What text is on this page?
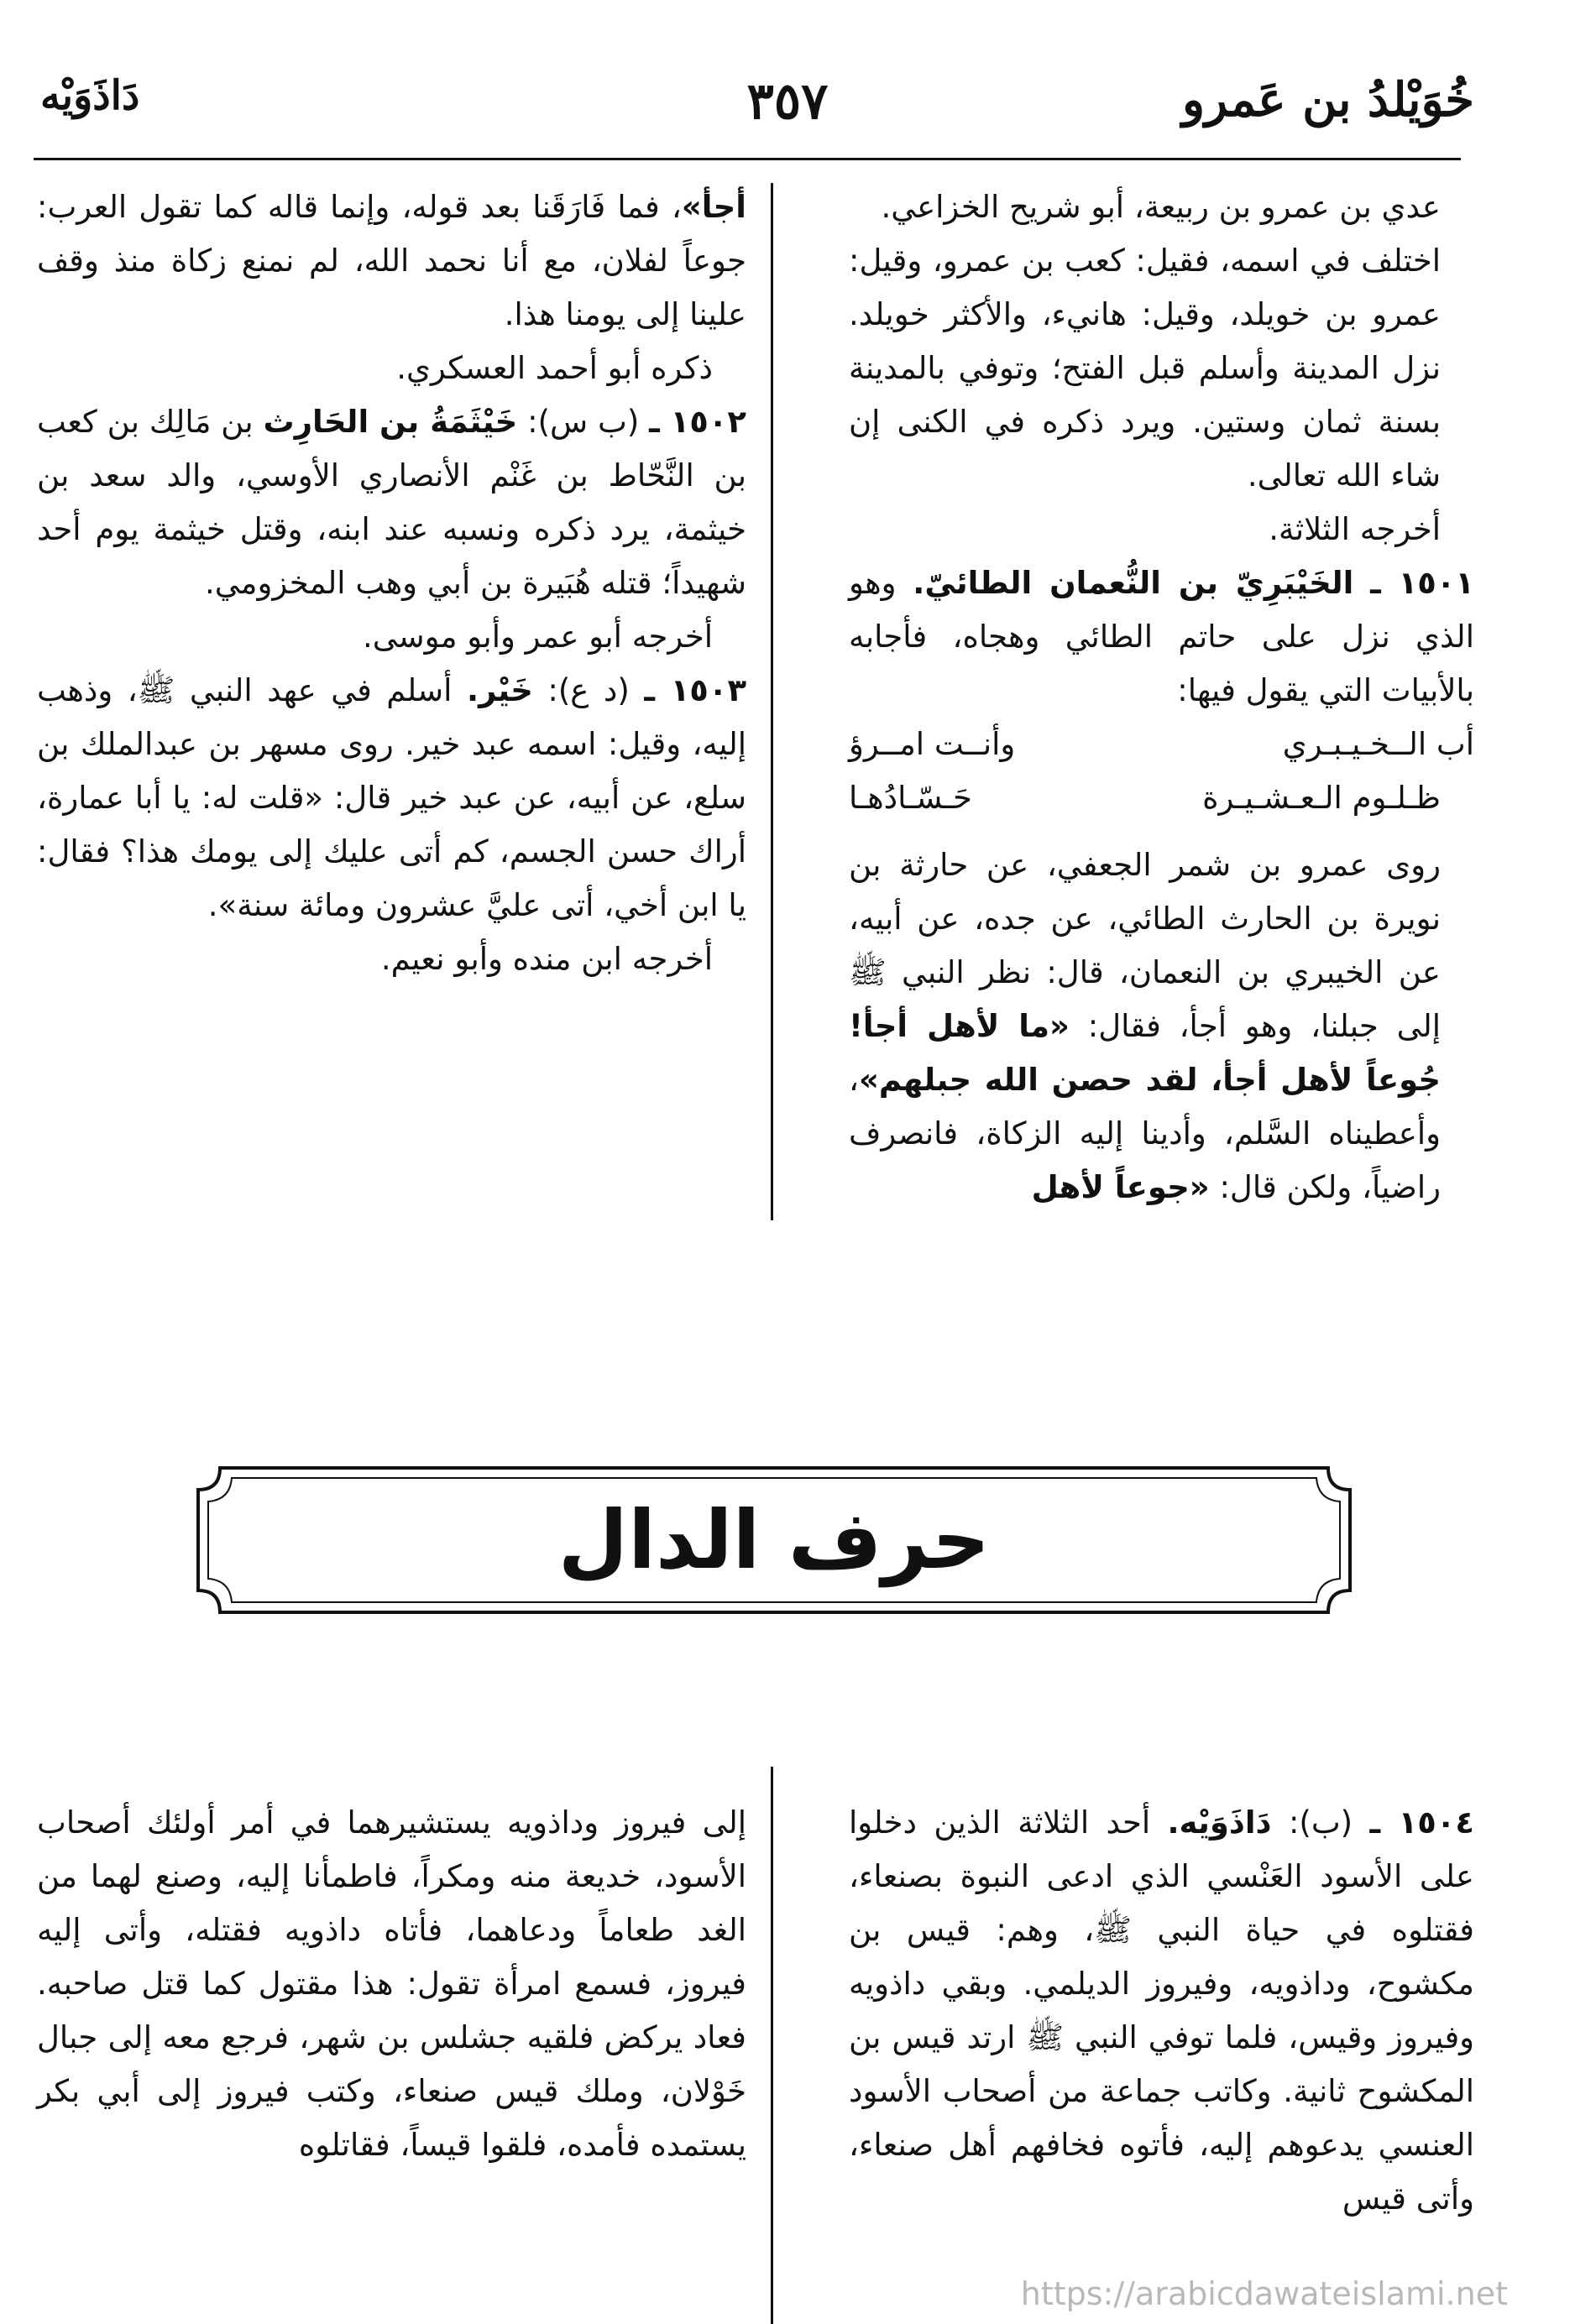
خُوَيْلدُ بن عَمرو
٣٥٧
دَاذَوَيْه

عدي بن عمرو بن ربيعة، أبو شريح الخزاعي.

اختلف في اسمه، فقيل: كعب بن عمرو، وقيل: عمرو بن خويلد، وقيل: هانيء، والأكثر خويلد. نزل المدينة وأسلم قبل الفتح؛ وتوفي بالمدينة بسنة ثمان وستين. ويرد ذكره في الكنى إن شاء الله تعالى.

أخرجه الثلاثة.

١٥٠١ ـ الخَيْبَرِيّ بن النُّعمان الطائيّ. وهو الذي نزل على حاتم الطائي وهجاه، فأجابه بالأبيات التي يقول فيها:

أب الــخـيـبـري
وأنــت امــرؤ
ظـلـوم الـعـشـيـرة
حَـسّـادُهـا

روى عمرو بن شمر الجعفي، عن حارثة بن نويرة بن الحارث الطائي، عن جده، عن أبيه، عن الخيبري بن النعمان، قال: نظر النبي ﷺ إلى جبلنا، وهو أجأ، فقال: «ما لأهل أجأ! جُوعاً لأهل أجأ، لقد حصن الله جبلهم»، وأعطيناه السَّلم، وأدينا إليه الزكاة، فانصرف راضياً، ولكن قال: «جوعاً لأهل

أجأ»، فما فَارَقَنا بعد قوله، وإنما قاله كما تقول العرب: جوعاً لفلان، مع أنا نحمد الله، لم نمنع زكاة منذ وقف علينا إلى يومنا هذا.

ذكره أبو أحمد العسكري.

١٥٠٢ ـ (ب س): خَيْثَمَةُ بن الحَارِث بن مَالِك بن كعب بن النَّحّاط بن غَنْم الأنصاري الأوسي، والد سعد بن خيثمة، يرد ذكره ونسبه عند ابنه، وقتل خيثمة يوم أحد شهيداً؛ قتله هُبَيرة بن أبي وهب المخزومي.

أخرجه أبو عمر وأبو موسى.

١٥٠٣ ـ (د ع): خَيْر. أسلم في عهد النبي ﷺ، وذهب إليه، وقيل: اسمه عبد خير. روى مسهر بن عبدالملك بن سلع، عن أبيه، عن عبد خير قال: «قلت له: يا أبا عمارة، أراك حسن الجسم، كم أتى عليك إلى يومك هذا؟ فقال: يا ابن أخي، أتى عليَّ عشرون ومائة سنة».

أخرجه ابن منده وأبو نعيم.

حرف الدال

١٥٠٤ ـ (ب): دَاذَوَيْه. أحد الثلاثة الذين دخلوا على الأسود العَنْسي الذي ادعى النبوة بصنعاء، فقتلوه في حياة النبي ﷺ، وهم: قيس بن مكشوح، وداذويه، وفيروز الديلمي. وبقي داذويه وفيروز وقيس، فلما توفي النبي ﷺ ارتد قيس بن المكشوح ثانية. وكاتب جماعة من أصحاب الأسود العنسي يدعوهم إليه، فأتوه فخافهم أهل صنعاء، وأتى قيس

إلى فيروز وداذويه يستشيرهما في أمر أولئك أصحاب الأسود، خديعة منه ومكراً، فاطمأنا إليه، وصنع لهما من الغد طعاماً ودعاهما، فأتاه داذويه فقتله، وأتى إليه فيروز، فسمع امرأة تقول: هذا مقتول كما قتل صاحبه. فعاد يركض فلقيه جشلس بن شهر، فرجع معه إلى جبال خَوْلان، وملك قيس صنعاء، وكتب فيروز إلى أبي بكر يستمده فأمده، فلقوا قيساً، فقاتلوه

https://arabicdawateislami.net
